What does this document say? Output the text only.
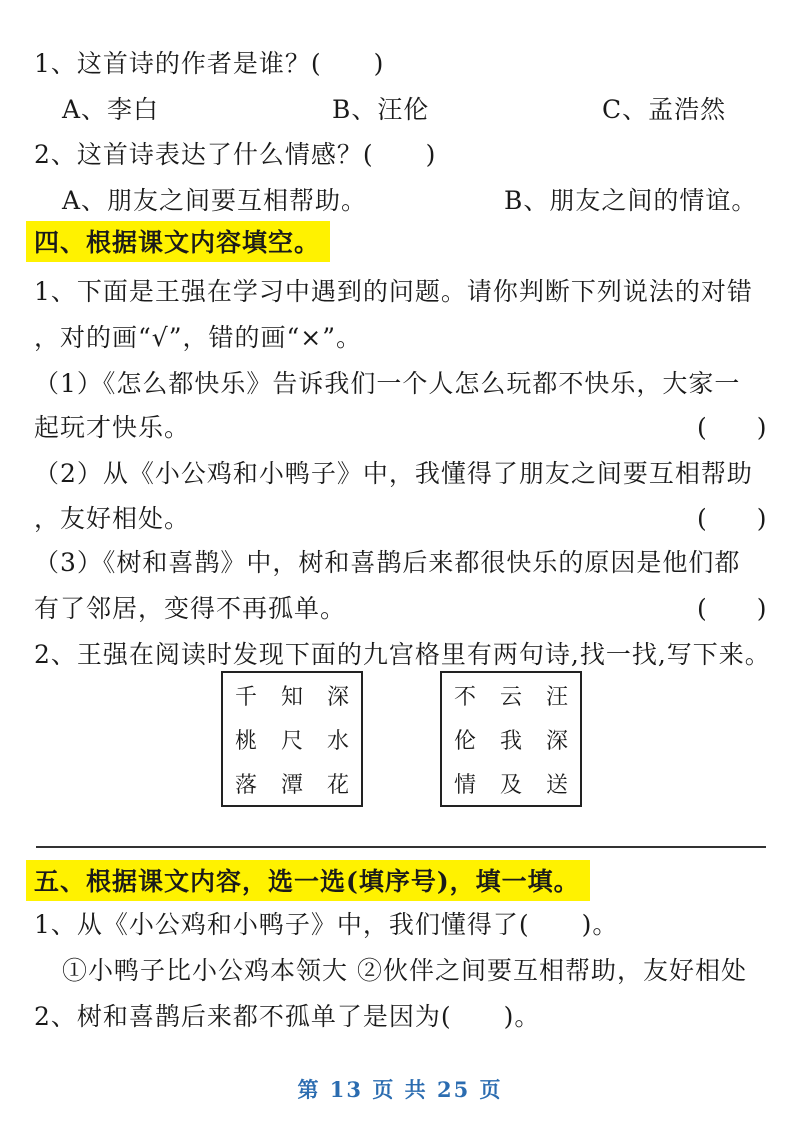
1、这首诗的作者是谁？(　　)
A、李白	B、汪伦	C、孟浩然
2、这首诗表达了什么情感？(　　)
A、朋友之间要互相帮助。	B、朋友之间的情谊。
四、根据课文内容填空。
1、下面是王强在学习中遇到的问题。请你判断下列说法的对错
，对的画“√”，错的画“×”。
（1）《怎么都快乐》告诉我们一个人怎么玩都不快乐，大家一
起玩才快乐。	(　　)
（2）从《小公鸡和小鸭子》中，我懂得了朋友之间要互相帮助
，友好相处。	(　　)
（3）《树和喜鹊》中，树和喜鹊后来都很快乐的原因是他们都
有了邻居，变得不再孤单。	(　　)
2、王强在阅读时发现下面的九宫格里有两句诗,找一找,写下来。
千	知	深
桃	尺	水
落	潭	花
不	云	汪
伦	我	深
情	及	送
五、根据课文内容，选一选(填序号)，填一填。
1、从《小公鸡和小鸭子》中，我们懂得了(　　)。
①小鸭子比小公鸡本领大 ②伙伴之间要互相帮助，友好相处
2、树和喜鹊后来都不孤单了是因为(　　)。
第 13 页 共 25 页
